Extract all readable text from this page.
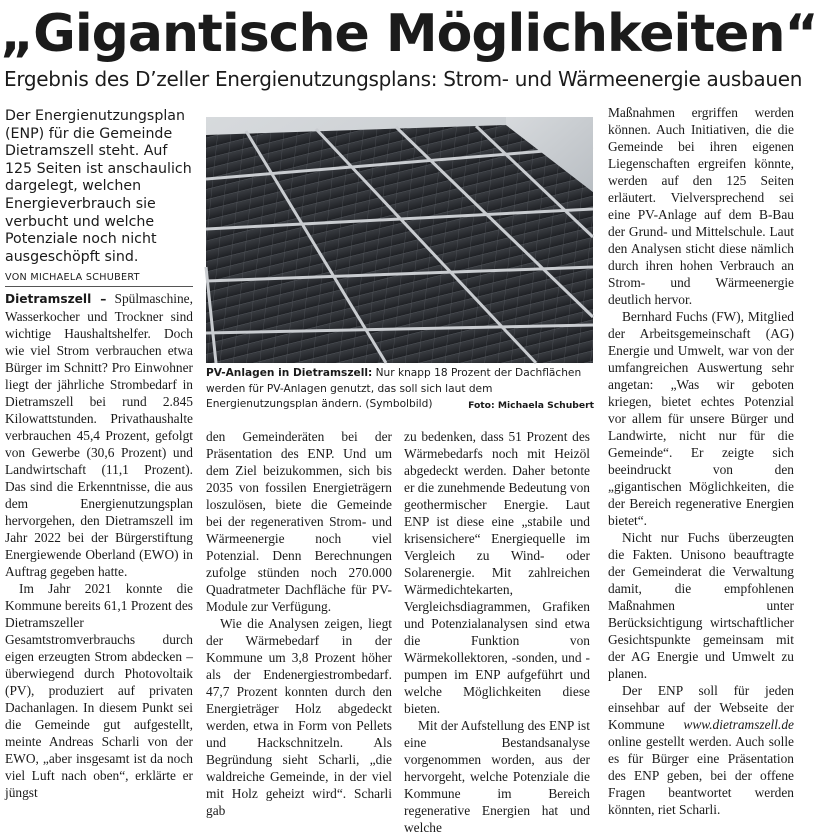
„Gigantische Möglichkeiten“
Ergebnis des D’zeller Energienutzungsplans: Strom- und Wärmeenergie ausbauen
Der Energienutzungsplan (ENP) für die Gemeinde Dietramszell steht. Auf 125 Seiten ist anschaulich dargelegt, welchen Energieverbrauch sie verbucht und welche Potenziale noch nicht ausgeschöpft sind.
VON MICHAELA SCHUBERT

Dietramszell – Spülmaschine, Wasserkocher und Trockner sind wichtige Haushaltshelfer. Doch wie viel Strom verbrauchen etwa Bürger im Schnitt? Pro Einwohner liegt der jährliche Strombedarf in Dietramszell bei rund 2.845 Kilowattstunden. Privathaushalte verbrauchen 45,4 Prozent, gefolgt von Gewerbe (30,6 Prozent) und Landwirtschaft (11,1 Prozent). Das sind die Erkenntnisse, die aus dem Energienutzungsplan hervorgehen, den Dietramszell im Jahr 2022 bei der Bürgerstiftung Energiewende Oberland (EWO) in Auftrag gegeben hatte.

Im Jahr 2021 konnte die Kommune bereits 61,1 Prozent des Dietramszeller Gesamtstromverbrauchs durch eigen erzeugten Strom abdecken – überwiegend durch Photovoltaik (PV), produziert auf privaten Dachanlagen. In diesem Punkt sei die Gemeinde gut aufgestellt, meinte Andreas Scharli von der EWO, „aber insgesamt ist da noch viel Luft nach oben“, erklärte er jüngst

PV-Anlagen in Dietramszell: Nur knapp 18 Prozent der Dachflächen werden für PV-Anlagen genutzt, das soll sich laut dem Energienutzungsplan ändern. (Symbolbild)	Foto: Michaela Schubert

den Gemeinderäten bei der Präsentation des ENP. Und um dem Ziel beizukommen, sich bis 2035 von fossilen Energieträgern loszulösen, biete die Gemeinde bei der regenerativen Strom- und Wärmeenergie noch viel Potenzial. Denn Berechnungen zufolge stünden noch 270.000 Quadratmeter Dachfläche für PV-Module zur Verfügung.

Wie die Analysen zeigen, liegt der Wärmebedarf in der Kommune um 3,8 Prozent höher als der Endenergiestrombedarf. 47,7 Prozent konnten durch den Energieträger Holz abgedeckt werden, etwa in Form von Pellets und Hackschnitzeln. Als Begründung sieht Scharli, „die waldreiche Gemeinde, in der viel mit Holz geheizt wird“. Scharli gab

zu bedenken, dass 51 Prozent des Wärmebedarfs noch mit Heizöl abgedeckt werden. Daher betonte er die zunehmende Bedeutung von geothermischer Energie. Laut ENP ist diese eine „stabile und krisensichere“ Energiequelle im Vergleich zu Wind- oder Solarenergie. Mit zahlreichen Wärmedichtekarten, Vergleichsdiagrammen, Grafiken und Potenzialanalysen sind etwa die Funktion von Wärmekollektoren, -sonden, und -pumpen im ENP aufgeführt und welche Möglichkeiten diese bieten.

Mit der Aufstellung des ENP ist eine Bestandsanalyse vorgenommen worden, aus der hervorgeht, welche Potenziale die Kommune im Bereich regenerative Energien hat und welche

Maßnahmen ergriffen werden können. Auch Initiativen, die die Gemeinde bei ihren eigenen Liegenschaften ergreifen könnte, werden auf den 125 Seiten erläutert. Vielversprechend sei eine PV-Anlage auf dem B-Bau der Grund- und Mittelschule. Laut den Analysen sticht diese nämlich durch ihren hohen Verbrauch an Strom- und Wärmeenergie deutlich hervor.

Bernhard Fuchs (FW), Mitglied der Arbeitsgemeinschaft (AG) Energie und Umwelt, war von der umfangreichen Auswertung sehr angetan: „Was wir geboten kriegen, bietet echtes Potenzial vor allem für unsere Bürger und Landwirte, nicht nur für die Gemeinde“. Er zeigte sich beeindruckt von den „gigantischen Möglichkeiten, die der Bereich regenerative Energien bietet“.

Nicht nur Fuchs überzeugten die Fakten. Unisono beauftragte der Gemeinderat die Verwaltung damit, die empfohlenen Maßnahmen unter Berücksichtigung wirtschaftlicher Gesichtspunkte gemeinsam mit der AG Energie und Umwelt zu planen.

Der ENP soll für jeden einsehbar auf der Webseite der Kommune www.dietramszell.de online gestellt werden. Auch solle es für Bürger eine Präsentation des ENP geben, bei der offene Fragen beantwortet werden könnten, riet Scharli.
